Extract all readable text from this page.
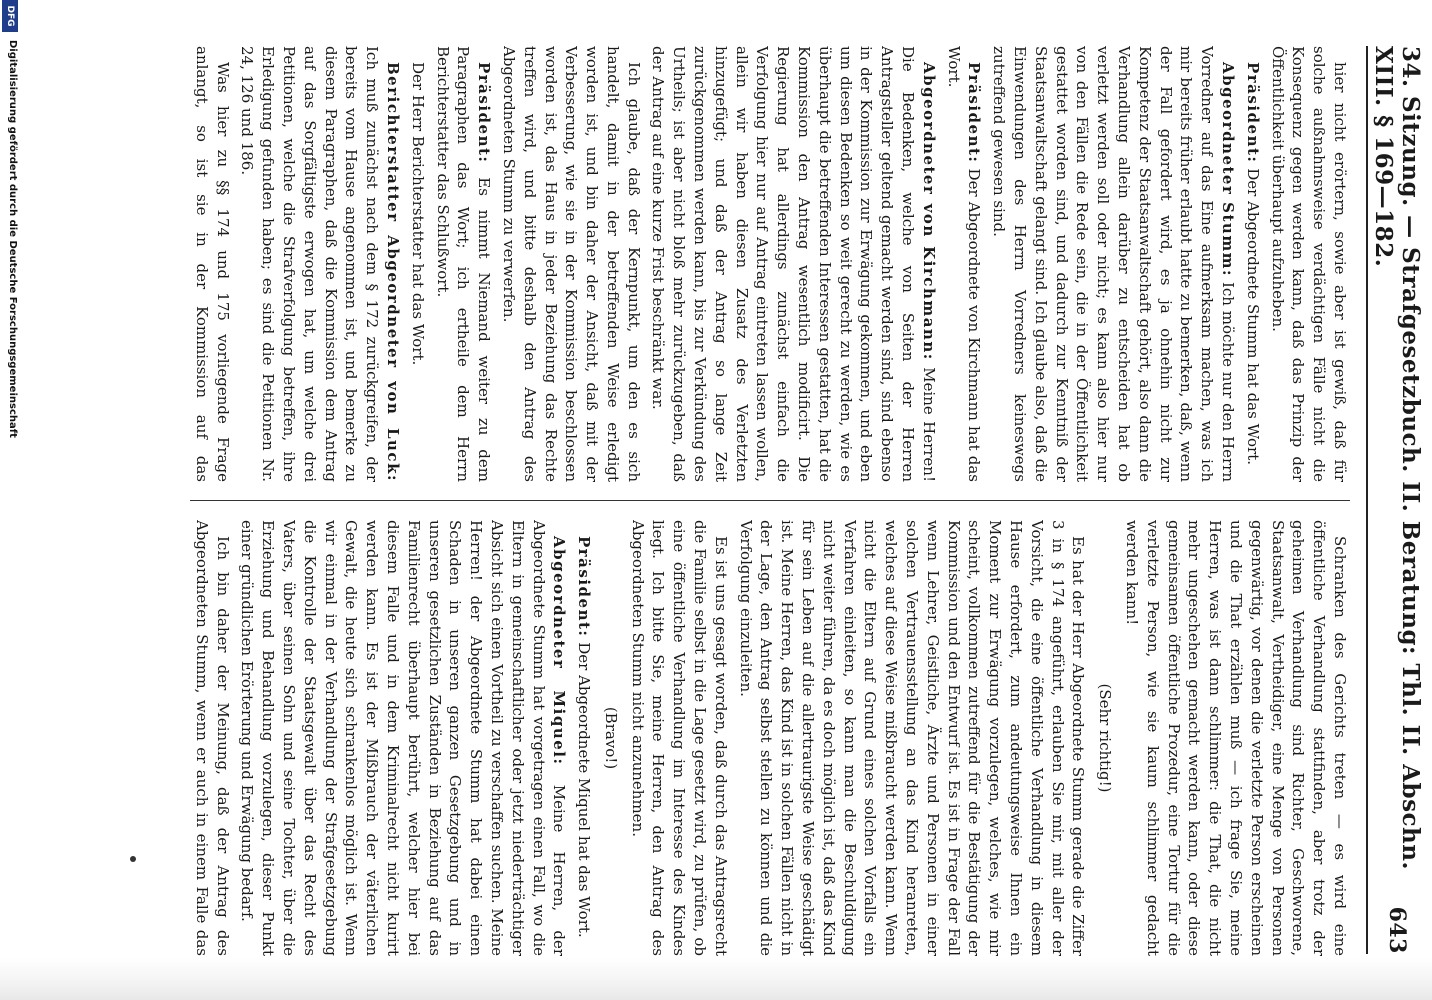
34. Sitzung. — Strafgesetzbuch. II. Beratung: Thl. II. Abschn. XIII. § 169—182.
643

hier nicht erörtern, sowie aber ist gewiß, daß für solche außnahmsweise verdächtigen Fälle nicht die Konsequenz gegen werden kann, daß das Prinzip der Öffentlichkeit überhaupt aufzuheben.

Präsident: Der Abgeordnete Stumm hat das Wort.

Abgeordneter Stumm: Ich möchte nur den Herrn Vorredner auf das Eine aufmerksam machen, was ich mir bereits früher erlaubt hatte zu bemerken, daß, wenn der Fall gefordert wird, es ja ohnehin nicht zur Kompetenz der Staatsanwaltschaft gehört, also dann die Verhandlung allein darüber zu entscheiden hat ob verletzt werden soll oder nicht; es kann also hier nur von den Fällen die Rede sein, die in der Öffentlichkeit gestattet worden sind, und dadurch zur Kenntniß der Staatsanwaltschaft gelangt sind. Ich glaube also, daß die Einwendungen des Herrn Vorredners keineswegs zutreffend gewesen sind.

Präsident: Der Abgeordnete von Kirchmann hat das Wort.

Abgeordneter von Kirchmann: Meine Herren! Die Bedenken, welche von Seiten der Herren Antragsteller geltend gemacht werden sind, sind ebenso in der Kommission zur Erwägung gekommen, und eben um diesen Bedenken so weit gerecht zu werden, wie es überhaupt die betreffenden Interessen gestatten, hat die Kommission den Antrag wesentlich modificirt. Die Regierung hat allerdings zunächst einfach die Verfolgung hier nur auf Antrag eintreten lassen wollen, allein wir haben diesen Zusatz des Verletzten hinzugefügt; und daß der Antrag so lange Zeit zurückgenommen werden kann, bis zur Verkündung des Urtheils; ist aber nicht bloß mehr zurückzugeben, daß der Antrag auf eine kurze Frist beschränkt war.

Ich glaube, daß der Kernpunkt, um den es sich handelt, damit in der betreffenden Weise erledigt worden ist, und bin daher der Ansicht, daß mit der Verbesserung, wie sie in der Kommission beschlossen worden ist, das Haus in jeder Beziehung das Rechte treffen wird, und bitte deshalb den Antrag des Abgeordneten Stumm zu verwerfen.

Präsident: Es nimmt Niemand weiter zu dem Paragraphen das Wort; ich ertheile dem Herrn Berichterstatter das Schlußwort.

Der Herr Berichterstatter hat das Wort.

Berichterstatter Abgeordneter von Luck: Ich muß zunächst nach dem § 172 zurückgreifen, der bereits vom Hause angenommen ist, und bemerke zu diesem Paragraphen, daß die Kommission dem Antrag auf das Sorgfältigste erwogen hat, um welche drei Petitionen, welche die Strafverfolgung betreffen, ihre Erledigung gefunden haben; es sind die Petitionen Nr. 24, 126 und 186.

Was hier zu §§ 174 und 175 vorliegende Frage anlangt, so ist sie in der Kommission auf das

Schranken des Gerichts treten — es wird eine öffentliche Verhandlung stattfinden, aber trotz der geheimen Verhandlung sind Richter, Geschworene, Staatsanwalt, Vertheidiger, eine Menge von Personen gegenwärtig, vor denen die verletzte Person erscheinen und die That erzählen muß — ich frage Sie, meine Herren, was ist dann schlimmer: die That, die nicht mehr ungeschehen gemacht werden kann, oder diese gemeinsamen öffentliche Prozedur, eine Tortur für die verletzte Person, wie sie kaum schlimmer gedacht werden kann!

(Sehr richtig!)

Es hat der Herr Abgeordnete Stumm gerade die Ziffer 3 in § 174 angeführt, erlauben Sie mir, mit aller der Vorsicht, die eine öffentliche Verhandlung in diesem Hause erfordert, zum andeutungsweise Ihnen ein Moment zur Erwägung vorzulegen, welches, wie mir scheint, vollkommen zutreffend für die Bestätigung der Kommission und den Entwurf ist. Es ist in Frage der Fall wenn Lehrer, Geistliche, Ärzte und Personen in einer solchen Vertrauensstellung an das Kind heranreten, welches auf diese Weise mißbraucht werden kann. Wenn nicht die Eltern auf Grund eines solchen Vorfalls ein Verfahren einleiten, so kann man die Beschuldigung nicht weiter führen, da es doch möglich ist, daß das Kind für sein Leben auf die allertraurigste Weise geschädigt ist. Meine Herren, das Kind ist in solchen Fällen nicht in der Lage, den Antrag selbst stellen zu können und die Verfolgung einzuleiten.

Es ist uns gesagt worden, daß durch das Antragsrecht die Familie selbst in die Lage gesetzt wird, zu prüfen, ob eine öffentliche Verhandlung im Interesse des Kindes liegt. Ich bitte Sie, meine Herren, den Antrag des Abgeordneten Stumm nicht anzunehmen.

(Bravo!)

Präsident: Der Abgeordnete Miquel hat das Wort.

Abgeordneter Miquel: Meine Herren, der Abgeordnete Stumm hat vorgetragen einen Fall, wo die Eltern in gemeinschaftlicher oder jetzt niederträchtiger Absicht sich einen Vortheil zu verschaffen suchen. Meine Herren! der Abgeordnete Stumm hat dabei einen Schaden in unseren ganzen Gesetzgebung und in unseren gesetzlichen Zuständen in Beziehung auf das Familienrecht überhaupt berührt, welcher hier bei diesem Falle und in dem Kriminalrecht nicht kurirt werden kann. Es ist der Mißbrauch der väterlichen Gewalt, die heute sich schrankenlos möglich ist. Wenn wir einmal in der Verhandlung der Strafgesetzgebung die Kontrolle der Staatsgewalt über das Recht des Vaters, über seinen Sohn und seine Tochter, über die Erziehung und Behandlung vorzulegen, dieser Punkt einer gründlichen Erörterung und Erwägung bedarf.

Ich bin daher der Meinung, daß der Antrag des Abgeordneten Stumm, wenn er auch in einem Falle das

DFG
Digitalisierung gefördert durch die Deutsche Forschungsgemeinschaft
